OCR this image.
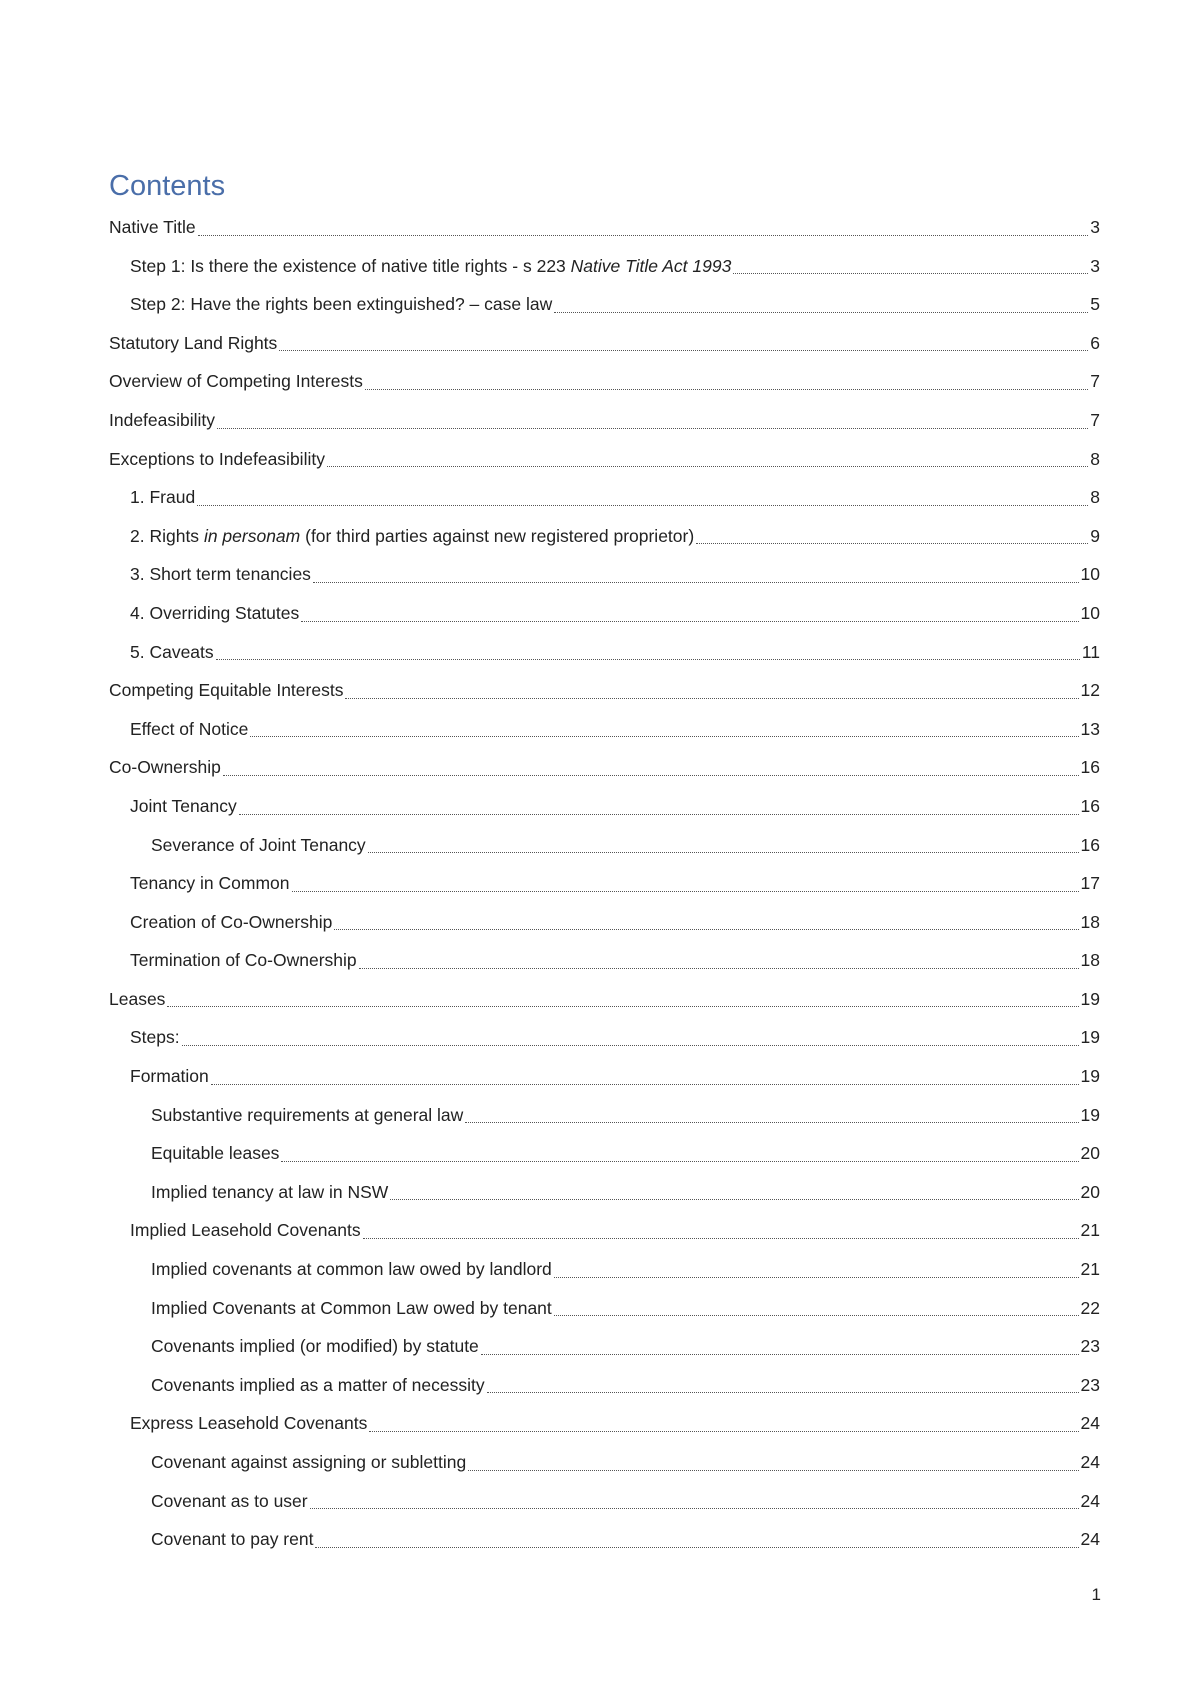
Contents
Native Title	3
Step 1: Is there the existence of native title rights - s 223 Native Title Act 1993	3
Step 2: Have the rights been extinguished? – case law	5
Statutory Land Rights	6
Overview of Competing Interests	7
Indefeasibility	7
Exceptions to Indefeasibility	8
1. Fraud	8
2. Rights in personam (for third parties against new registered proprietor)	9
3. Short term tenancies	10
4. Overriding Statutes	10
5. Caveats	11
Competing Equitable Interests	12
Effect of Notice	13
Co-Ownership	16
Joint Tenancy	16
Severance of Joint Tenancy	16
Tenancy in Common	17
Creation of Co-Ownership	18
Termination of Co-Ownership	18
Leases	19
Steps:	19
Formation	19
Substantive requirements at general law	19
Equitable leases	20
Implied tenancy at law in NSW	20
Implied Leasehold Covenants	21
Implied covenants at common law owed by landlord	21
Implied Covenants at Common Law owed by tenant	22
Covenants implied (or modified) by statute	23
Covenants implied as a matter of necessity	23
Express Leasehold Covenants	24
Covenant against assigning or subletting	24
Covenant as to user	24
Covenant to pay rent	24
1
